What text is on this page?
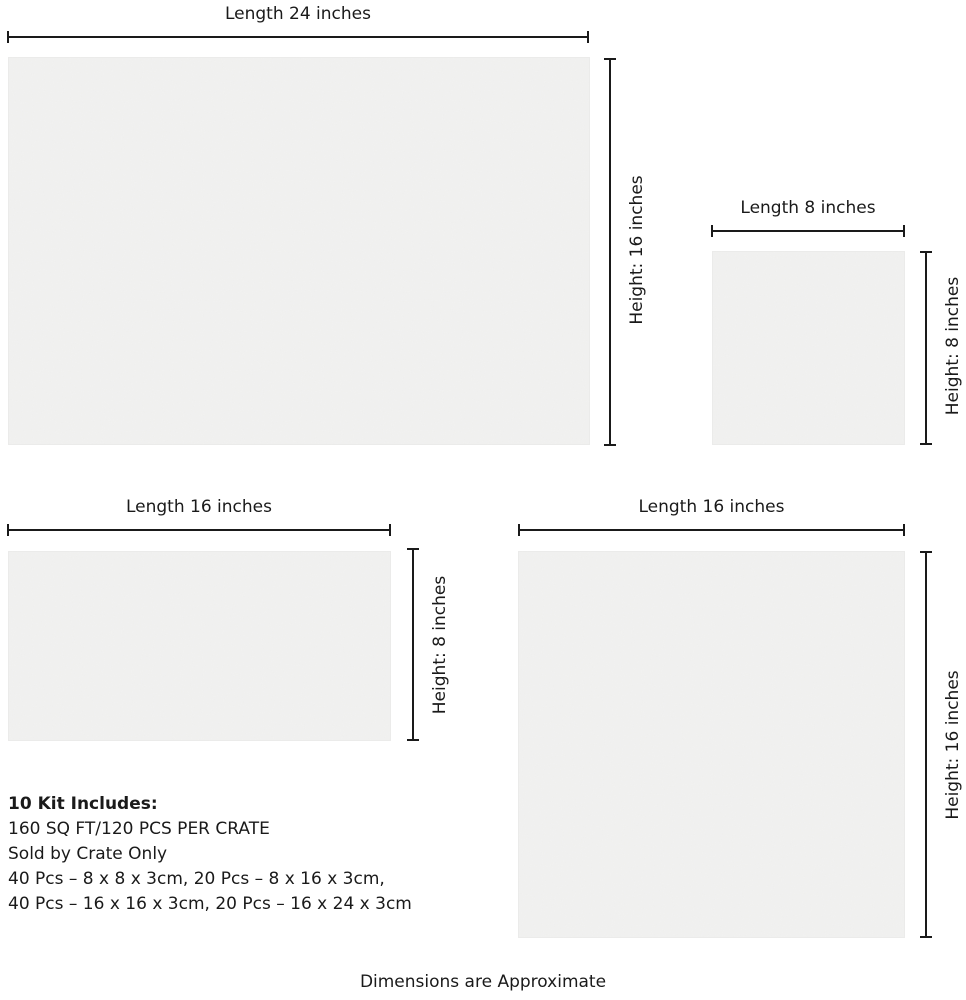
Length 24 inches
Height: 16 inches	Length 8 inches
Height: 8 inches
Length 16 inches
Height: 8 inches
Length 16 inches
Height: 16 inches
10 Kit Includes:
160 SQ FT/120 PCS PER CRATE
Sold by Crate Only
40 Pcs – 8 x 8 x 3cm, 20 Pcs – 8 x 16 x 3cm,
40 Pcs – 16 x 16 x 3cm, 20 Pcs – 16 x 24 x 3cm
Dimensions are Approximate
